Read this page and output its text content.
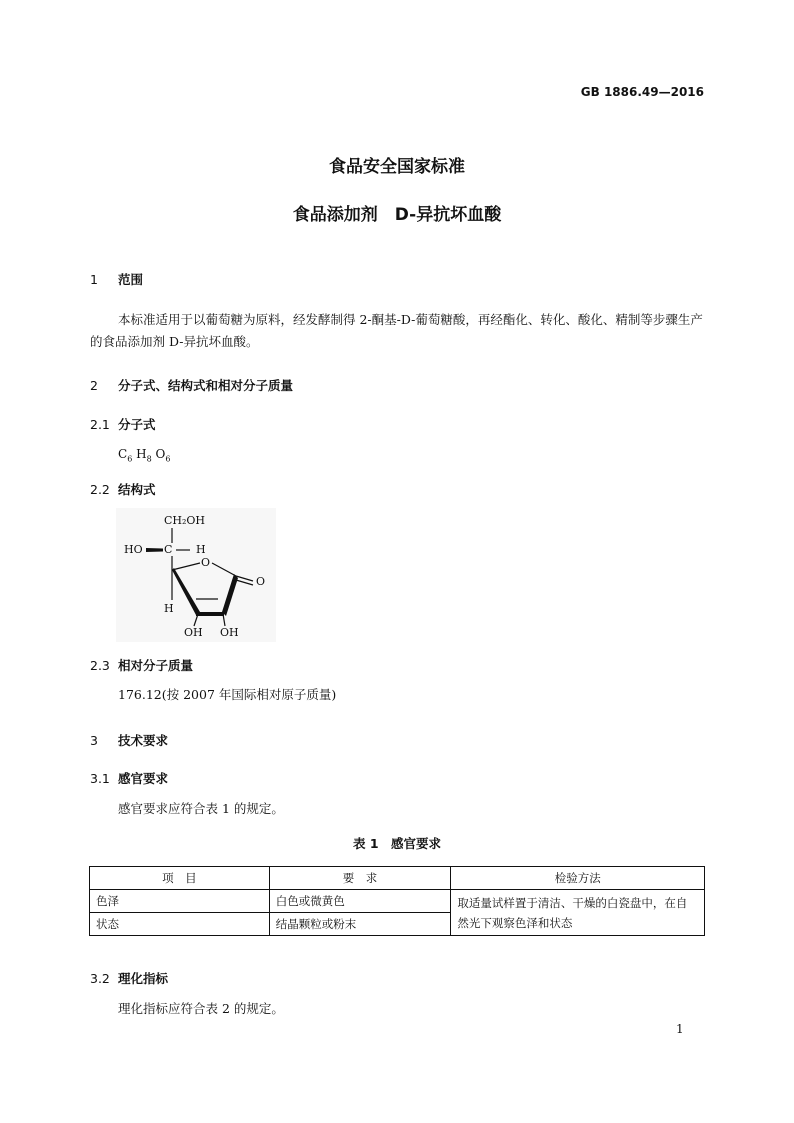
GB 1886.49—2016
食品安全国家标准
食品添加剂　D-异抗坏血酸
1 范围
本标准适用于以葡萄糖为原料，经发酵制得 2-酮基-D-葡萄糖酸，再经酯化、转化、酸化、精制等步骤生产的食品添加剂 D-异抗坏血酸。
2 分子式、结构式和相对分子质量
2.1 分子式
$C_6$ $H_8$ $O_6$
2.2 结构式
CH₂OH
HO C H
O
O
H
OH OH
2.3 相对分子质量
176.12(按 2007 年国际相对原子质量)
3 技术要求
3.1 感官要求
感官要求应符合表 1 的规定。
表 1　感官要求
项　目	要　求	检验方法
色泽	白色或微黄色	取适量试样置于清洁、干燥的白瓷盘中，在自然光下观察色泽和状态
状态	结晶颗粒或粉末	
3.2 理化指标
理化指标应符合表 2 的规定。
1
